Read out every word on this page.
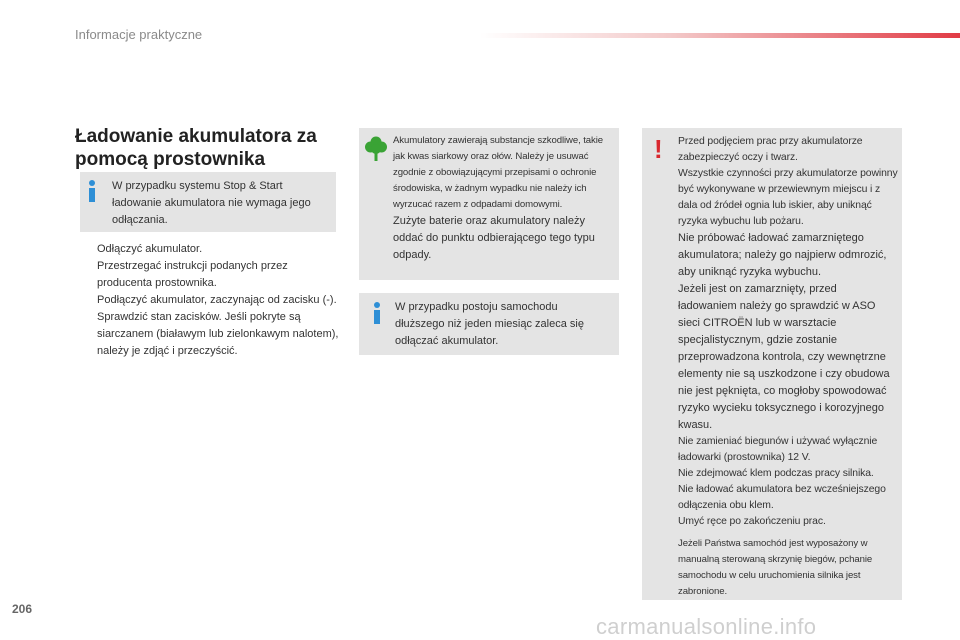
Informacje praktyczne
Ładowanie akumulatora za pomocą prostownika
W przypadku systemu Stop & Start ładowanie akumulatora nie wymaga jego odłączania.
Odłączyć akumulator.
Przestrzegać instrukcji podanych przez producenta prostownika.
Podłączyć akumulator, zaczynając od zacisku (-).
Sprawdzić stan zacisków. Jeśli pokryte są siarczanem (białawym lub zielonkawym nalotem), należy je zdjąć i przeczyścić.
Akumulatory zawierają substancje szkodliwe, takie jak kwas siarkowy oraz ołów. Należy je usuwać zgodnie z obowiązującymi przepisami o ochronie środowiska, w żadnym wypadku nie należy ich wyrzucać razem z odpadami domowymi.
Zużyte baterie oraz akumulatory należy oddać do punktu odbierającego tego typu odpady.
W przypadku postoju samochodu dłuższego niż jeden miesiąc zaleca się odłączać akumulator.
! Przed podjęciem prac przy akumulatorze zabezpieczyć oczy i twarz.

Wszystkie czynności przy akumulatorze powinny być wykonywane w przewiewnym miejscu i z dala od źródeł ognia lub iskier, aby uniknąć ryzyka wybuchu lub pożaru.

Nie próbować ładować zamarzniętego akumulatora; należy go najpierw odmrozić, aby uniknąć ryzyka wybuchu.

Jeżeli jest on zamarznięty, przed ładowaniem należy go sprawdzić w ASO sieci CITROËN lub w warsztacie specjalistycznym, gdzie zostanie przeprowadzona kontrola, czy wewnętrzne elementy nie są uszkodzone i czy obudowa nie jest pęknięta, co mogłoby spowodować ryzyko wycieku toksycznego i korozyjnego kwasu.

Nie zamieniać biegunów i używać wyłącznie ładowarki (prostownika) 12 V.

Nie zdejmować klem podczas pracy silnika.

Nie ładować akumulatora bez wcześniejszego odłączenia obu klem.

Umyć ręce po zakończeniu prac.

Jeżeli Państwa samochód jest wyposażony w manualną sterowaną skrzynię biegów, pchanie samochodu w celu uruchomienia silnika jest zabronione.

206
carmanualsonline.info
